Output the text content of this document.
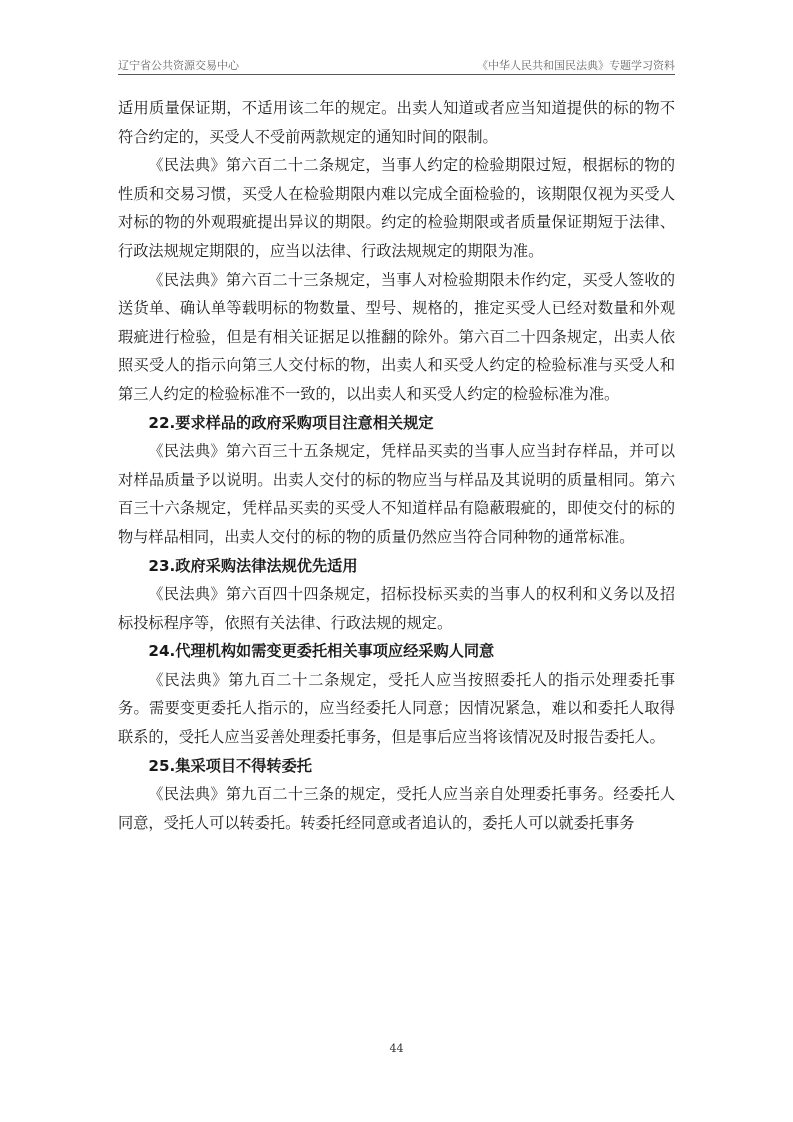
辽宁省公共资源交易中心	《中华人民共和国民法典》专题学习资料

适用质量保证期，不适用该二年的规定。出卖人知道或者应当知道提供的标的物不符合约定的，买受人不受前两款规定的通知时间的限制。

《民法典》第六百二十二条规定，当事人约定的检验期限过短，根据标的物的性质和交易习惯，买受人在检验期限内难以完成全面检验的，该期限仅视为买受人对标的物的外观瑕疵提出异议的期限。约定的检验期限或者质量保证期短于法律、行政法规规定期限的，应当以法律、行政法规规定的期限为准。

《民法典》第六百二十三条规定，当事人对检验期限未作约定，买受人签收的送货单、确认单等载明标的物数量、型号、规格的，推定买受人已经对数量和外观瑕疵进行检验，但是有相关证据足以推翻的除外。第六百二十四条规定，出卖人依照买受人的指示向第三人交付标的物，出卖人和买受人约定的检验标准与买受人和第三人约定的检验标准不一致的，以出卖人和买受人约定的检验标准为准。

22.要求样品的政府采购项目注意相关规定

《民法典》第六百三十五条规定，凭样品买卖的当事人应当封存样品，并可以对样品质量予以说明。出卖人交付的标的物应当与样品及其说明的质量相同。第六百三十六条规定，凭样品买卖的买受人不知道样品有隐蔽瑕疵的，即使交付的标的物与样品相同，出卖人交付的标的物的质量仍然应当符合同种物的通常标准。

23.政府采购法律法规优先适用

《民法典》第六百四十四条规定，招标投标买卖的当事人的权利和义务以及招标投标程序等，依照有关法律、行政法规的规定。

24.代理机构如需变更委托相关事项应经采购人同意

《民法典》第九百二十二条规定，受托人应当按照委托人的指示处理委托事务。需要变更委托人指示的，应当经委托人同意；因情况紧急，难以和委托人取得联系的，受托人应当妥善处理委托事务，但是事后应当将该情况及时报告委托人。

25.集采项目不得转委托

《民法典》第九百二十三条的规定，受托人应当亲自处理委托事务。经委托人同意，受托人可以转委托。转委托经同意或者追认的，委托人可以就委托事务

44
